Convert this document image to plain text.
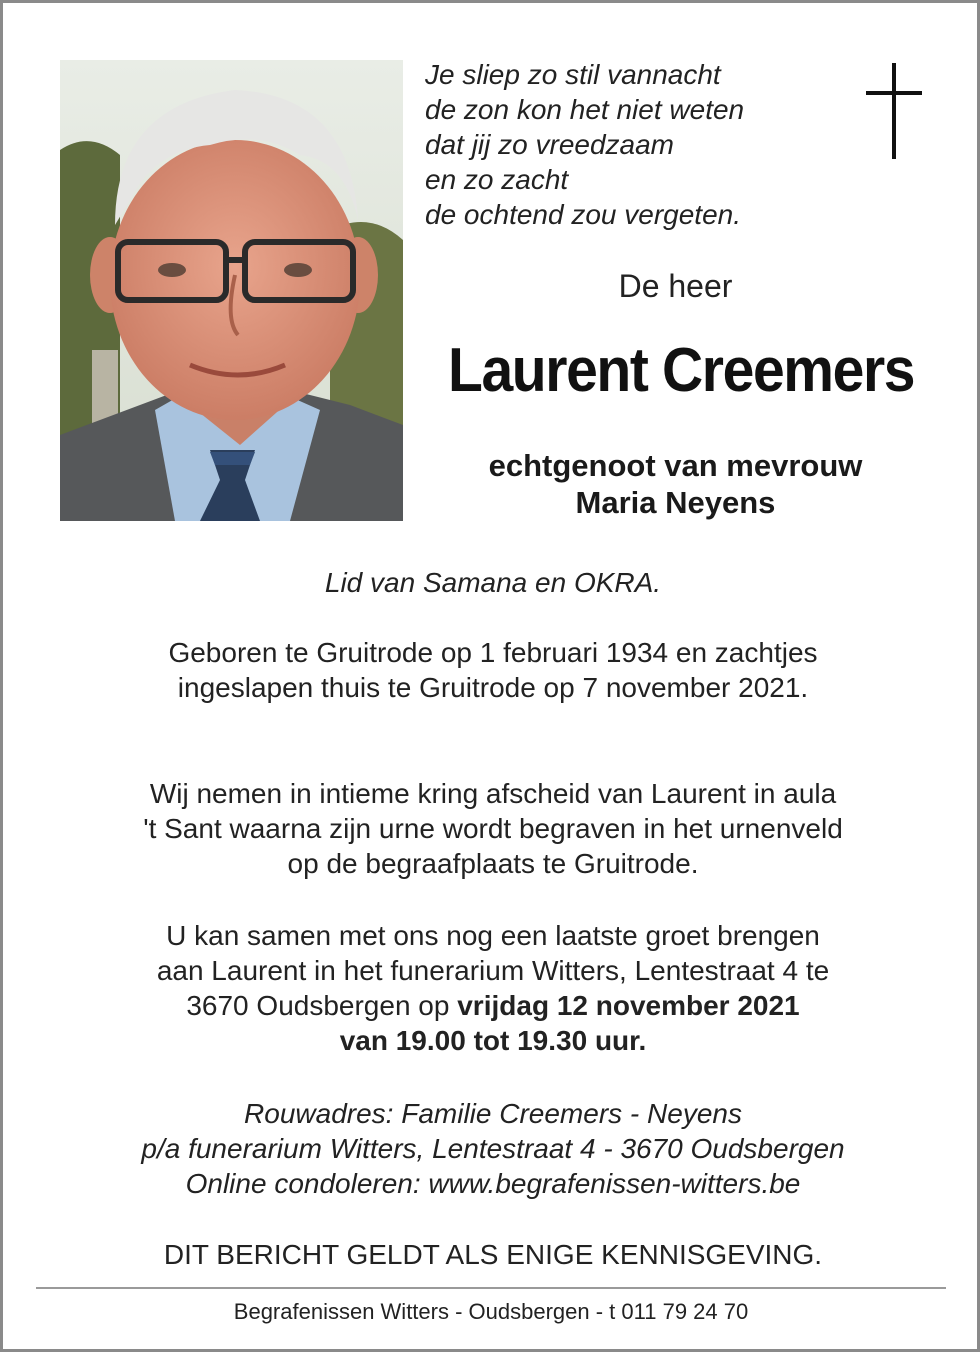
Je sliep zo stil vannacht
de zon kon het niet weten
dat jij zo vreedzaam
en zo zacht
de ochtend zou vergeten.
De heer
Laurent Creemers
echtgenoot van mevrouw
Maria Neyens
Lid van Samana en OKRA.
Geboren te Gruitrode op 1 februari 1934 en zachtjes
ingeslapen thuis te Gruitrode op 7 november 2021.
Wij nemen in intieme kring afscheid van Laurent in aula
't Sant waarna zijn urne wordt begraven in het urnenveld
op de begraafplaats te Gruitrode.
U kan samen met ons nog een laatste groet brengen
aan Laurent in het funerarium Witters, Lentestraat 4 te
3670 Oudsbergen op vrijdag 12 november 2021
van 19.00 tot 19.30 uur.
Rouwadres: Familie Creemers - Neyens
p/a funerarium Witters, Lentestraat 4 - 3670 Oudsbergen
Online condoleren: www.begrafenissen-witters.be
DIT BERICHT GELDT ALS ENIGE KENNISGEVING.
Begrafenissen Witters - Oudsbergen - t 011 79 24 70
